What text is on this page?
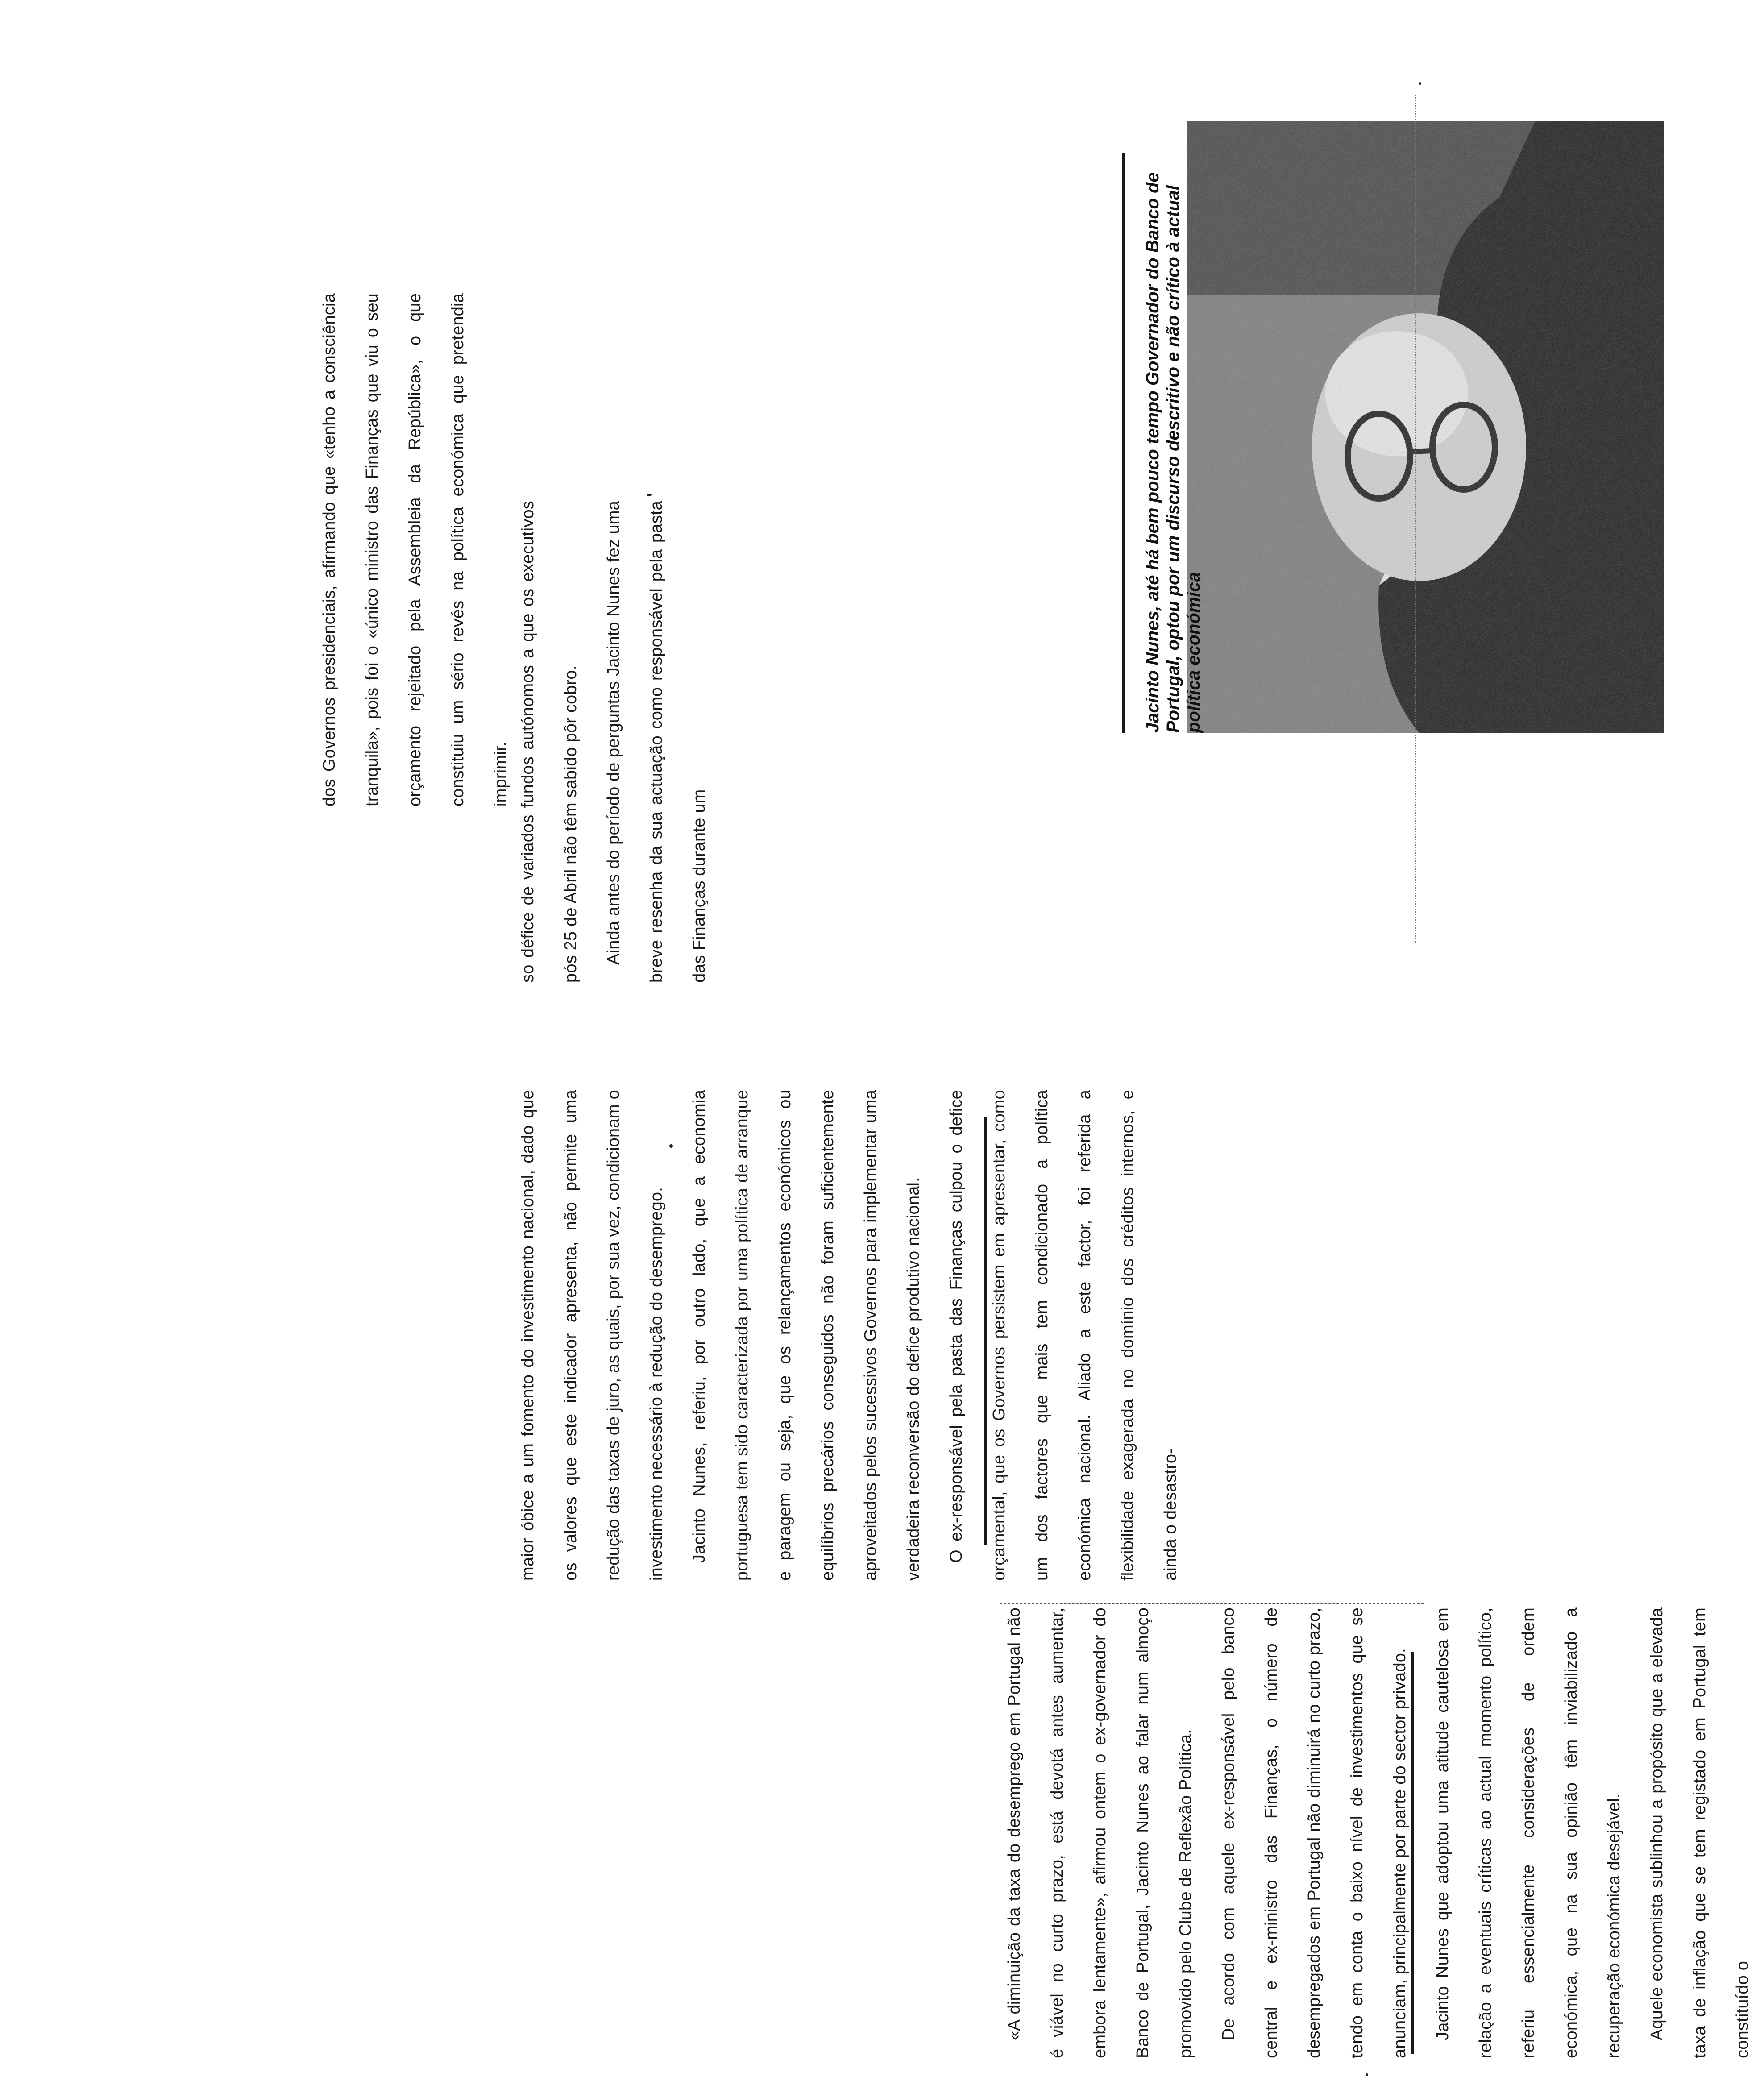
«A diminuição da taxa do desemprego em Portugal não é viável no curto prazo, está devotá antes aumentar, embora lentamente», afirmou ontem o ex-governador do Banco de Portugal, Jacinto Nunes ao falar num almoço promovido pelo Clube de Reflexão Política.	De acordo com aquele ex-responsável pelo banco central e ex-ministro das Finanças, o número de desempregados em Portugal não diminuirá no curto prazo, tendo em conta o baixo nível de investimentos que se anunciam, principalmente por parte do sector privado.	Jacinto Nunes que adoptou uma atitude cautelosa em relação a eventuais críticas ao actual momento político, referiu essencialmente considerações de ordem económica, que na sua opinião têm inviabilizado a recuperação económica desejável.	Aquele economista sublinhou a propósito que a elevada taxa de inflação que se tem registado em Portugal tem constituído o

maior óbice a um fomento do investimento nacional, dado que os valores que este indicador apresenta, não permite uma redução das taxas de juro, as quais, por sua vez, condicionam o investimento necessário à redução do desemprego.	Jacinto Nunes, referiu, por outro lado, que a economia portuguesa tem sido caracterizada por uma política de arranque e paragem ou seja, que os relançamentos económicos ou equilíbrios precários conseguidos não foram suficientemente aproveitados pelos sucessivos Governos para implementar uma verdadeira reconversão do defice produtivo nacional.	O ex-responsável pela pasta das Finanças culpou o defice orçamental, que os Governos persistem em apresentar, como um dos factores que mais tem condicionado a política económica nacional. Aliado a este factor, foi referida a flexibilidade exagerada no domínio dos créditos internos, e ainda o desastro-

so défice de variados fundos autónomos a que os executivos pós 25 de Abril não têm sabido pôr cobro.	Ainda antes do período de perguntas Jacinto Nunes fez uma breve resenha da sua actuação como responsável pela pasta das Finanças durante um

dos Governos presidenciais, afirmando que «tenho a consciência tranquila», pois foi o «único ministro das Finanças que viu o seu orçamento rejeitado pela Assembleia da República», o que constituiu um sério revés na política económica que pretendia imprimir.

Jacinto Nunes, até há bem pouco tempo Governador do Banco de Portugal, optou por um discurso descritivo e não crítico à actual política económica
